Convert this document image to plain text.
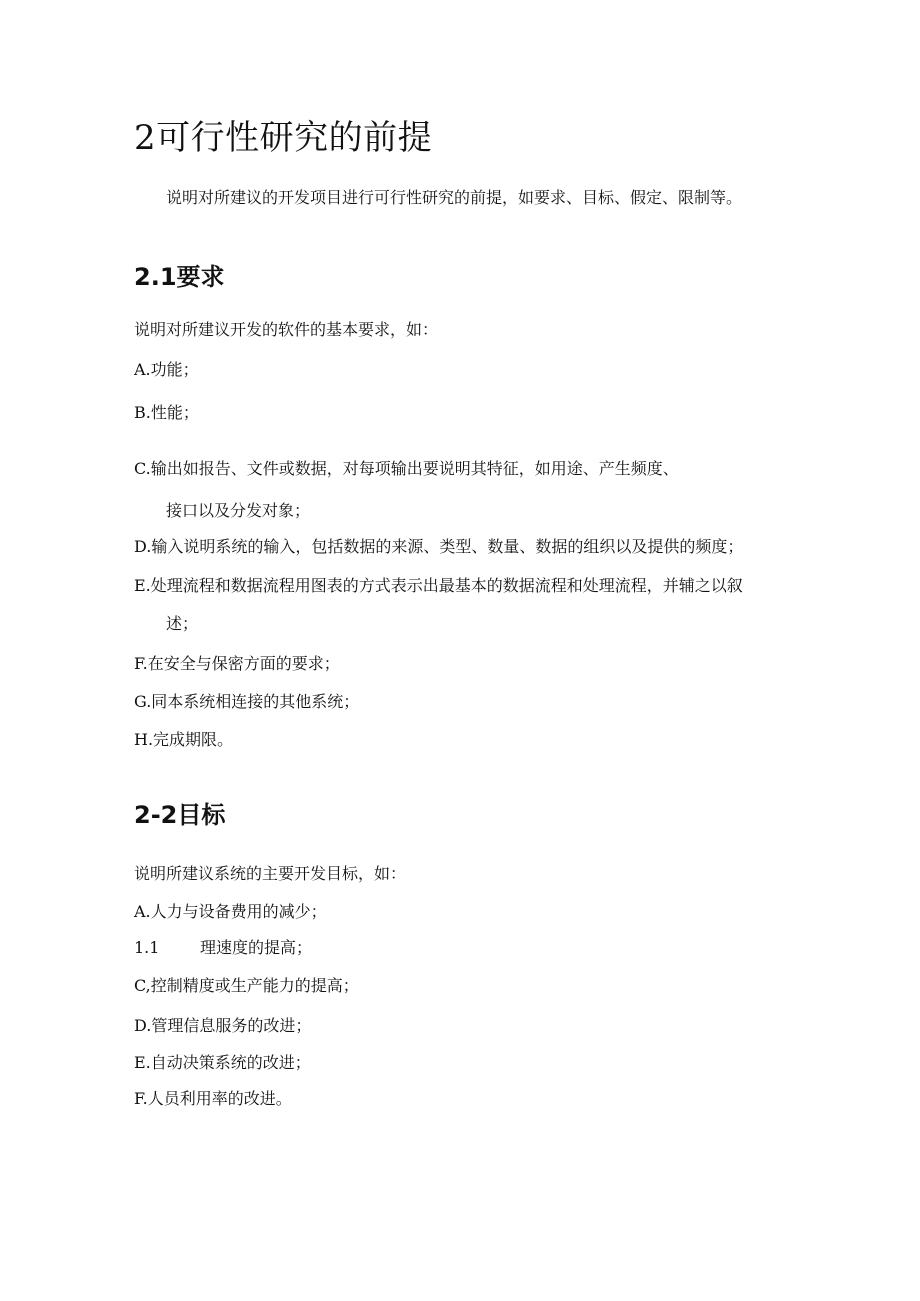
2可行性研究的前提

说明对所建议的开发项目进行可行性研究的前提，如要求、目标、假定、限制等。

2.1要求

说明对所建议开发的软件的基本要求，如：

A.功能；

B.性能；

C.输出如报告、文件或数据，对每项输出要说明其特征，如用途、产生频度、

接口以及分发对象；

D.输入说明系统的输入，包括数据的来源、类型、数量、数据的组织以及提供的频度；

E.处理流程和数据流程用图表的方式表示出最基本的数据流程和处理流程，并辅之以叙

述；

F.在安全与保密方面的要求；

G.同本系统相连接的其他系统；

H.完成期限。

2-2目标

说明所建议系统的主要开发目标，如：

A.人力与设备费用的减少；

1.1	理速度的提高；

C,控制精度或生产能力的提高；

D.管理信息服务的改进；

E.自动决策系统的改进；

F.人员利用率的改进。
